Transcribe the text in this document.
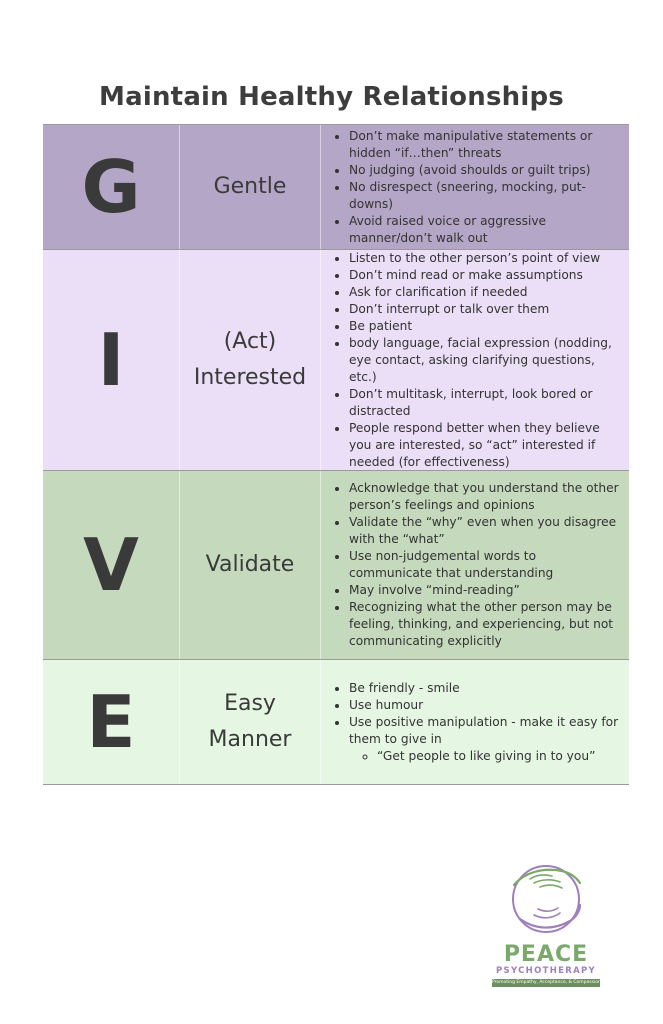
Maintain Healthy Relationships
G	Gentle
• Don’t make manipulative statements or hidden “if…then” threats
• No judging (avoid shoulds or guilt trips)
• No disrespect (sneering, mocking, put-downs)
• Avoid raised voice or aggressive manner/don’t walk out
I	(Act)
Interested
• Listen to the other person’s point of view
• Don’t mind read or make assumptions
• Ask for clarification if needed
• Don’t interrupt or talk over them
• Be patient
• body language, facial expression (nodding, eye contact, asking clarifying questions, etc.)
• Don’t multitask, interrupt, look bored or distracted
• People respond better when they believe you are interested, so “act” interested if needed (for effectiveness)
V	Validate
• Acknowledge that you understand the other person’s feelings and opinions
• Validate the “why” even when you disagree with the “what”
• Use non-judgemental words to communicate that understanding
• May involve “mind-reading”
• Recognizing what the other person may be feeling, thinking, and experiencing, but not communicating explicitly
E	Easy
Manner
• Be friendly - smile
• Use humour
• Use positive manipulation - make it easy for them to give in
◦ “Get people to like giving in to you”
PEACE
PSYCHOTHERAPY
Promoting Empathy, Acceptance, & Compassion for Everyone
